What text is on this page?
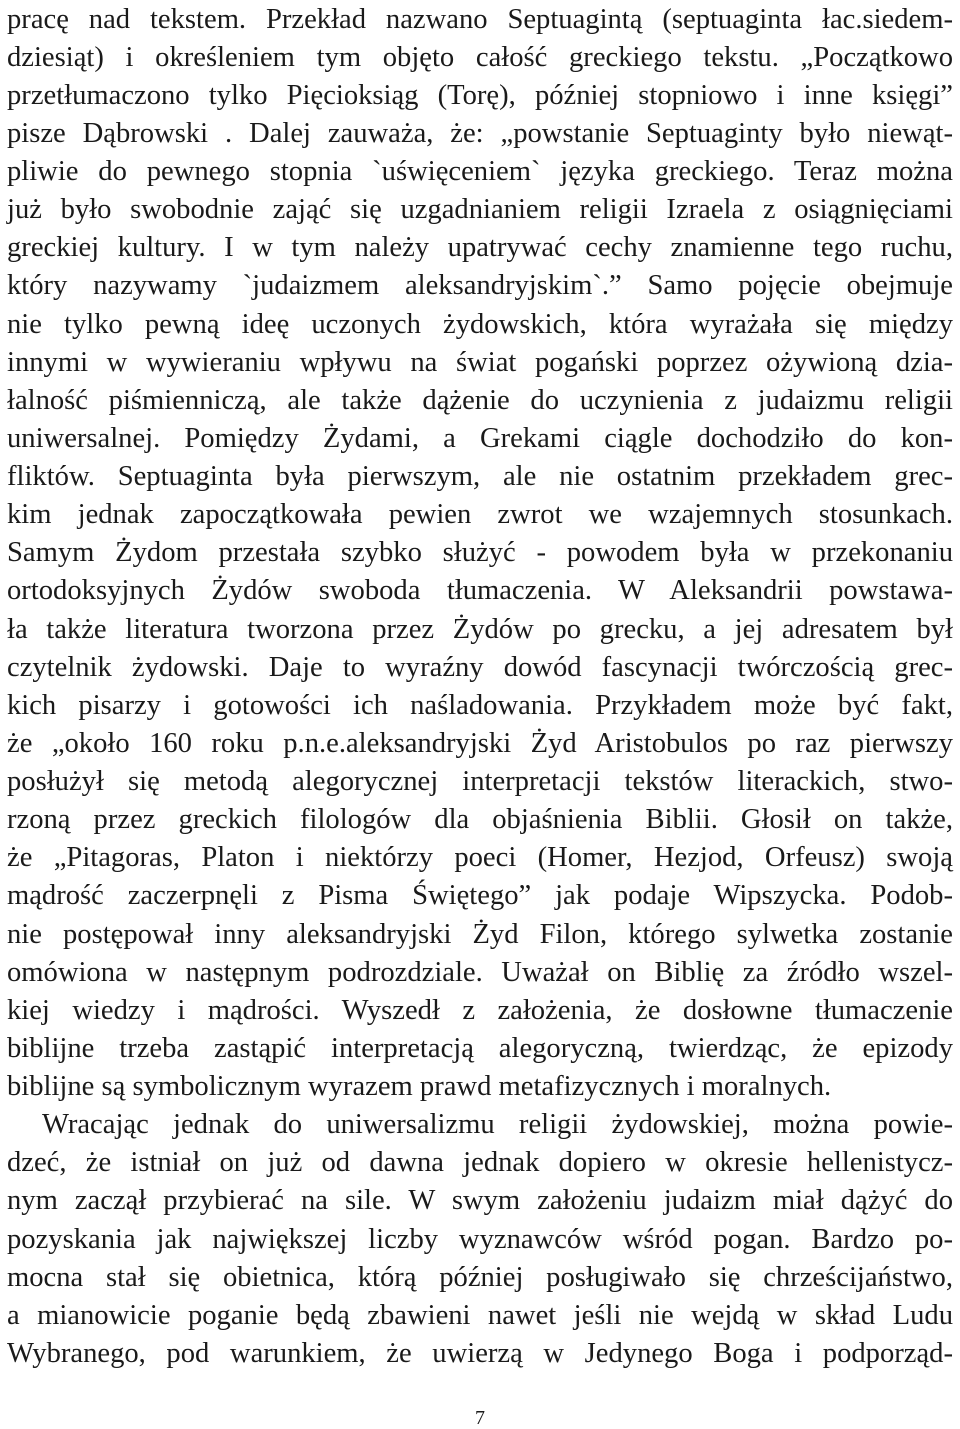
pracę nad tekstem. Przekład nazwano Septuagintą (septuaginta łac.siedem-
dziesiąt) i określeniem tym objęto całość greckiego tekstu. „Początkowo
przetłumaczono tylko Pięcioksiąg (Torę), później stopniowo i inne księgi”
pisze Dąbrowski . Dalej zauważa, że: „powstanie Septuaginty było niewąt-
pliwie do pewnego stopnia `uświęceniem` języka greckiego. Teraz można
już było swobodnie zająć się uzgadnianiem religii Izraela z osiągnięciami
greckiej kultury. I w tym należy upatrywać cechy znamienne tego ruchu,
który nazywamy `judaizmem aleksandryjskim`.” Samo pojęcie obejmuje
nie tylko pewną ideę uczonych żydowskich, która wyrażała się między
innymi w wywieraniu wpływu na świat pogański poprzez ożywioną dzia-
łalność piśmienniczą, ale także dążenie do uczynienia z judaizmu religii
uniwersalnej. Pomiędzy Żydami, a Grekami ciągle dochodziło do kon-
fliktów. Septuaginta była pierwszym, ale nie ostatnim przekładem grec-
kim jednak zapoczątkowała pewien zwrot we wzajemnych stosunkach.
Samym Żydom przestała szybko służyć - powodem była w przekonaniu
ortodoksyjnych Żydów swoboda tłumaczenia. W Aleksandrii powstawa-
ła także literatura tworzona przez Żydów po grecku, a jej adresatem był
czytelnik żydowski. Daje to wyraźny dowód fascynacji twórczością grec-
kich pisarzy i gotowości ich naśladowania. Przykładem może być fakt,
że „około 160 roku p.n.e.aleksandryjski Żyd Aristobulos po raz pierwszy
posłużył się metodą alegorycznej interpretacji tekstów literackich, stwo-
rzoną przez greckich filologów dla objaśnienia Biblii. Głosił on także,
że „Pitagoras, Platon i niektórzy poeci (Homer, Hezjod, Orfeusz) swoją
mądrość zaczerpnęli z Pisma Świętego” jak podaje Wipszycka. Podob-
nie postępował inny aleksandryjski Żyd Filon, którego sylwetka zostanie
omówiona w następnym podrozdziale. Uważał on Biblię za źródło wszel-
kiej wiedzy i mądrości. Wyszedł z założenia, że dosłowne tłumaczenie
biblijne trzeba zastąpić interpretacją alegoryczną, twierdząc, że epizody
biblijne są symbolicznym wyrazem prawd metafizycznych i moralnych.
Wracając jednak do uniwersalizmu religii żydowskiej, można powie-
dzeć, że istniał on już od dawna jednak dopiero w okresie hellenistycz-
nym zaczął przybierać na sile. W swym założeniu judaizm miał dążyć do
pozyskania jak największej liczby wyznawców wśród pogan. Bardzo po-
mocna stał się obietnica, którą później posługiwało się chrześcijaństwo,
a mianowicie poganie będą zbawieni nawet jeśli nie wejdą w skład Ludu
Wybranego, pod warunkiem, że uwierzą w Jedynego Boga i podporząd-
7
